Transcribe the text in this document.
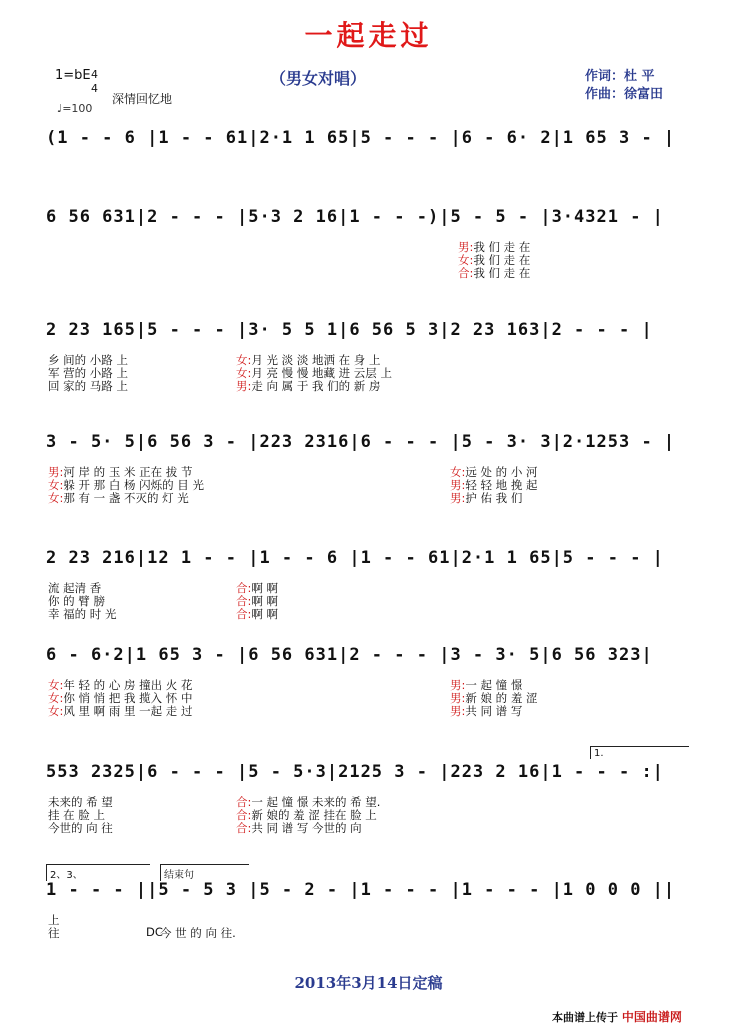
一起走过
（男女对唱）	作词：杜 平
作曲：徐富田
1=bE 4
4
♩=100
深情回忆地
(1 - - 6 |1 - - 61|2·1 1 65|5 - - - |6 - 6· 2|1 65 3 - |
6 56 631|2 - - - |5·3 2 16|1 - - -)|5 - 5 - |3·4321 - |
男:我 们 走 在
女:我 们 走 在
合:我 们 走 在
2 23 165|5 - - - |3· 5 5 1|6 56 5 3|2 23 163|2 - - - |
乡 间的 小路 上	女:月 光 淡 淡 地洒 在 身 上
军 营的 小路 上	女:月 亮 慢 慢 地藏 进 云层 上
回 家的 马路 上	男:走 向 属 于 我 们的 新 房
3 - 5· 5|6 56 3 - |223 2316|6 - - - |5 - 3· 3|2·1253 - |
男:河 岸 的 玉 米 正在 拔 节	女:远 处 的 小 河
女:躲 开 那 白 杨 闪烁的 目 光	男:轻 轻 地 挽 起
女:那 有 一 盏 不灭的 灯 光	男:护 佑 我 们
2 23 216|12 1 - - |1 - - 6 |1 - - 61|2·1 1 65|5 - - - |
流 起清 香	合:啊 啊
你 的 臂 膀	合:啊 啊
幸 福的 时 光	合:啊 啊
6 - 6·2|1 65 3 - |6 56 631|2 - - - |3 - 3· 5|6 56 323|
女:年 轻 的 心 房 撞出 火 花	男:一 起 憧 憬
女:你 悄 悄 把 我 揽入 怀 中	男:新 娘 的 羞 涩
女:风 里 啊 雨 里 一起 走 过	男:共 同 谱 写
1.
553 2325|6 - - - |5 - 5·3|2125 3 - |223 2 16|1 - - - :|
未来的 希 望	合:一 起 憧 憬 未来的 希 望.
挂 在 脸 上	合:新 娘的 羞 涩 挂在 脸 上
今世的 向 往	合:共 同 谱 写 今世的 向
2、3、	结束句
1 - - - ||5 - 5 3 |5 - 2 - |1 - - - |1 - - - |1 0 0 0 ||
上
往	今 世 的 向 往.
DC
2013年3月14日定稿
本曲谱上传于 中国曲谱网
